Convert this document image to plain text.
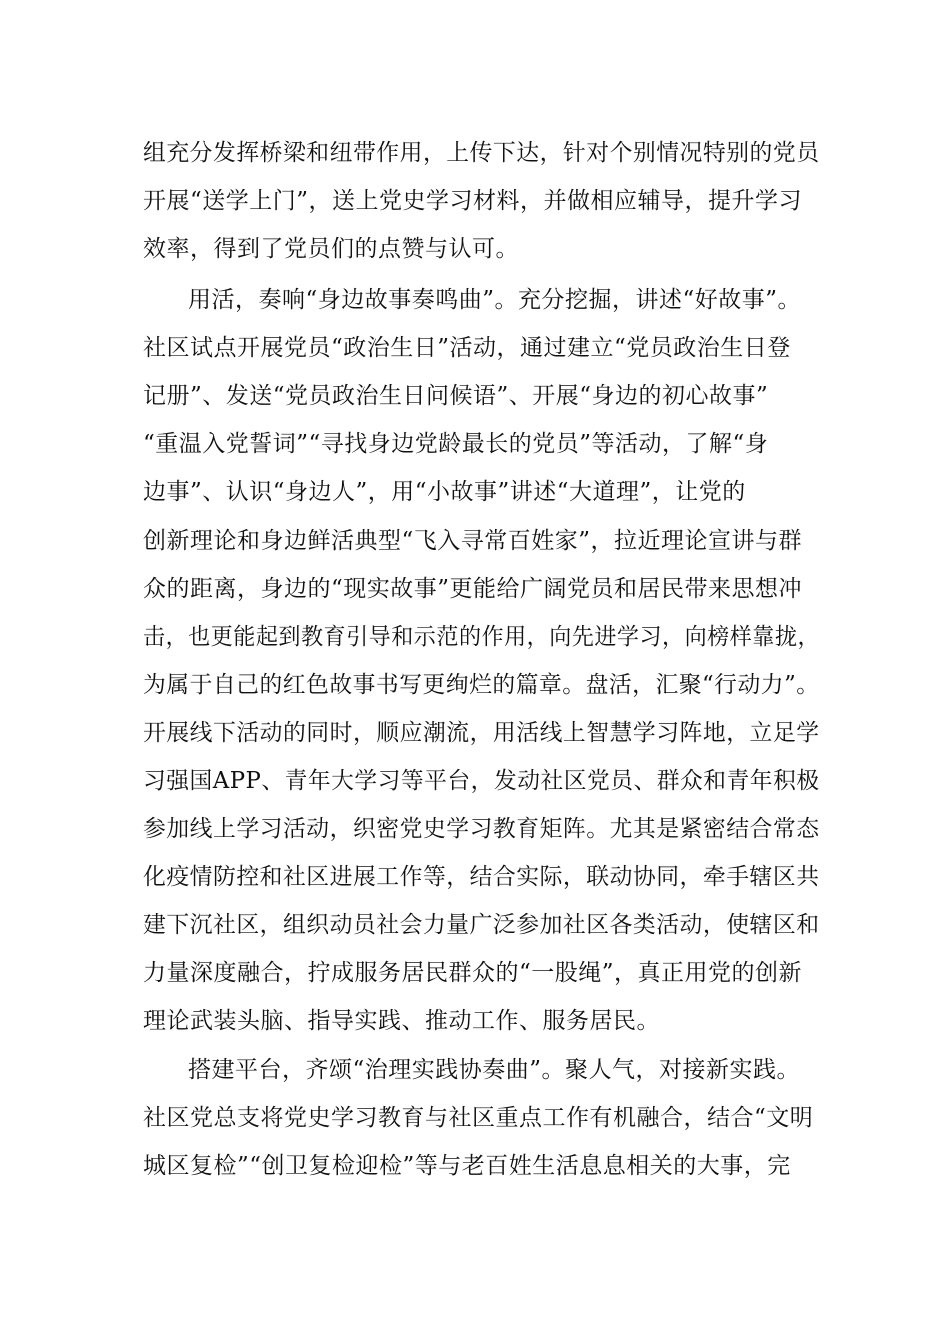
组充分发挥桥梁和纽带作用，上传下达，针对个别情况特别的党员
开展“送学上门”，送上党史学习材料，并做相应辅导，提升学习
效率，得到了党员们的点赞与认可。
用活，奏响“身边故事奏鸣曲”。充分挖掘，讲述“好故事”。
社区试点开展党员“政治生日”活动，通过建立“党员政治生日登
记册”、发送“党员政治生日问候语”、开展“身边的初心故事”
“重温入党誓词”“寻找身边党龄最长的党员”等活动，了解“身
边事”、认识“身边人”，用“小故事”讲述“大道理”，让党的
创新理论和身边鲜活典型“飞入寻常百姓家”，拉近理论宣讲与群
众的距离，身边的“现实故事”更能给广阔党员和居民带来思想冲
击，也更能起到教育引导和示范的作用，向先进学习，向榜样靠拢，
为属于自己的红色故事书写更绚烂的篇章。盘活，汇聚“行动力”。
开展线下活动的同时，顺应潮流，用活线上智慧学习阵地，立足学
习强国APP、青年大学习等平台，发动社区党员、群众和青年积极
参加线上学习活动，织密党史学习教育矩阵。尤其是紧密结合常态
化疫情防控和社区进展工作等，结合实际，联动协同，牵手辖区共
建下沉社区，组织动员社会力量广泛参加社区各类活动，使辖区和
力量深度融合，拧成服务居民群众的“一股绳”，真正用党的创新
理论武装头脑、指导实践、推动工作、服务居民。
搭建平台，齐颂“治理实践协奏曲”。聚人气，对接新实践。
社区党总支将党史学习教育与社区重点工作有机融合，结合“文明
城区复检”“创卫复检迎检”等与老百姓生活息息相关的大事，完
